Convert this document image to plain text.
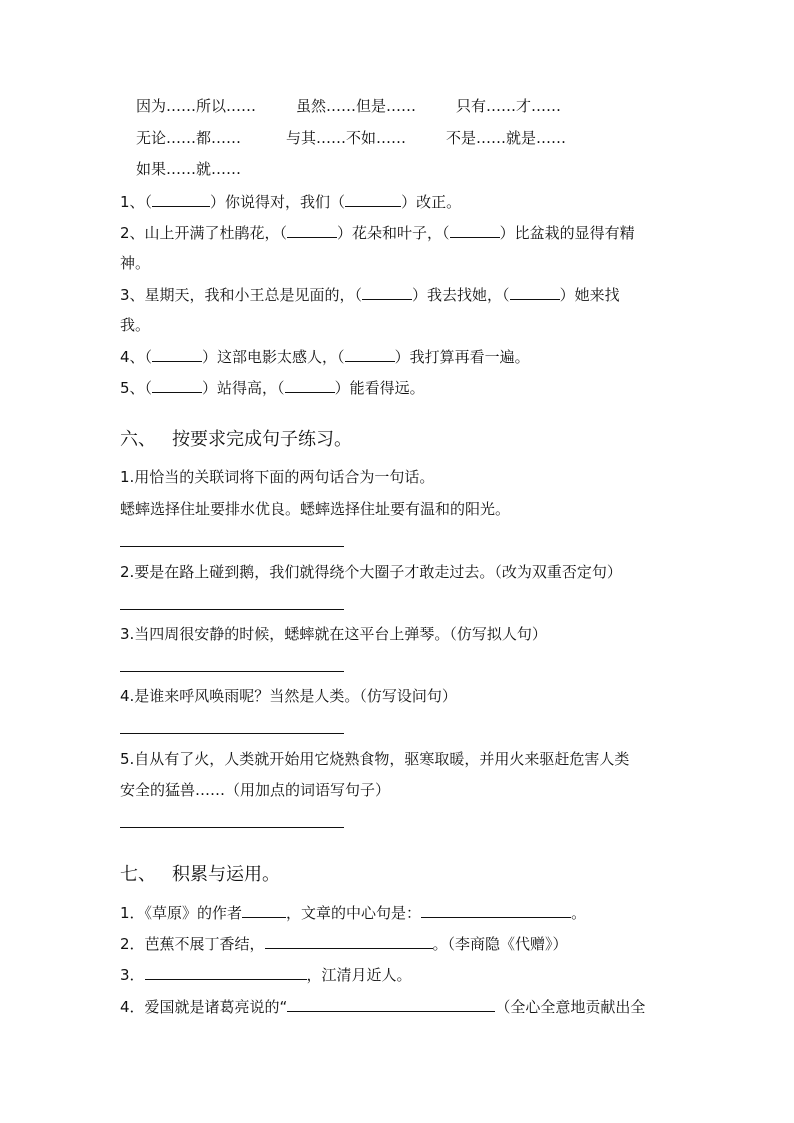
因为……所以……	虽然……但是……	只有……才……
无论……都……	与其……不如……	不是……就是……
如果……就……
1、（	）你说得对，我们（	）改正。
2、山上开满了杜鹃花，（	）花朵和叶子，（	）比盆栽的显得有精
神。
3、星期天，我和小王总是见面的，（	）我去找她，（	）她来找
我。
4、（	）这部电影太感人，（	）我打算再看一遍。
5、（	）站得高，（	）能看得远。
六、 按要求完成句子练习。
1.用恰当的关联词将下面的两句话合为一句话。
蟋蟀选择住址要排水优良。蟋蟀选择住址要有温和的阳光。
2.要是在路上碰到鹅，我们就得绕个大圈子才敢走过去。（改为双重否定句）
3.当四周很安静的时候，蟋蟀就在这平台上弹琴。（仿写拟人句）
4.是谁来呼风唤雨呢？当然是人类。（仿写设问句）
5.自从有了火，人类就开始用它烧熟食物，驱寒取暖，并用火来驱赶危害人类
安全的猛兽……（用加点的词语写句子）
七、 积累与运用。
1．《草原》的作者	，文章的中心句是：	。
2．芭蕉不展丁香结，	。（李商隐《代赠》）
3．	，江清月近人。
4．爱国就是诸葛亮说的“	（全心全意地贡献出全
